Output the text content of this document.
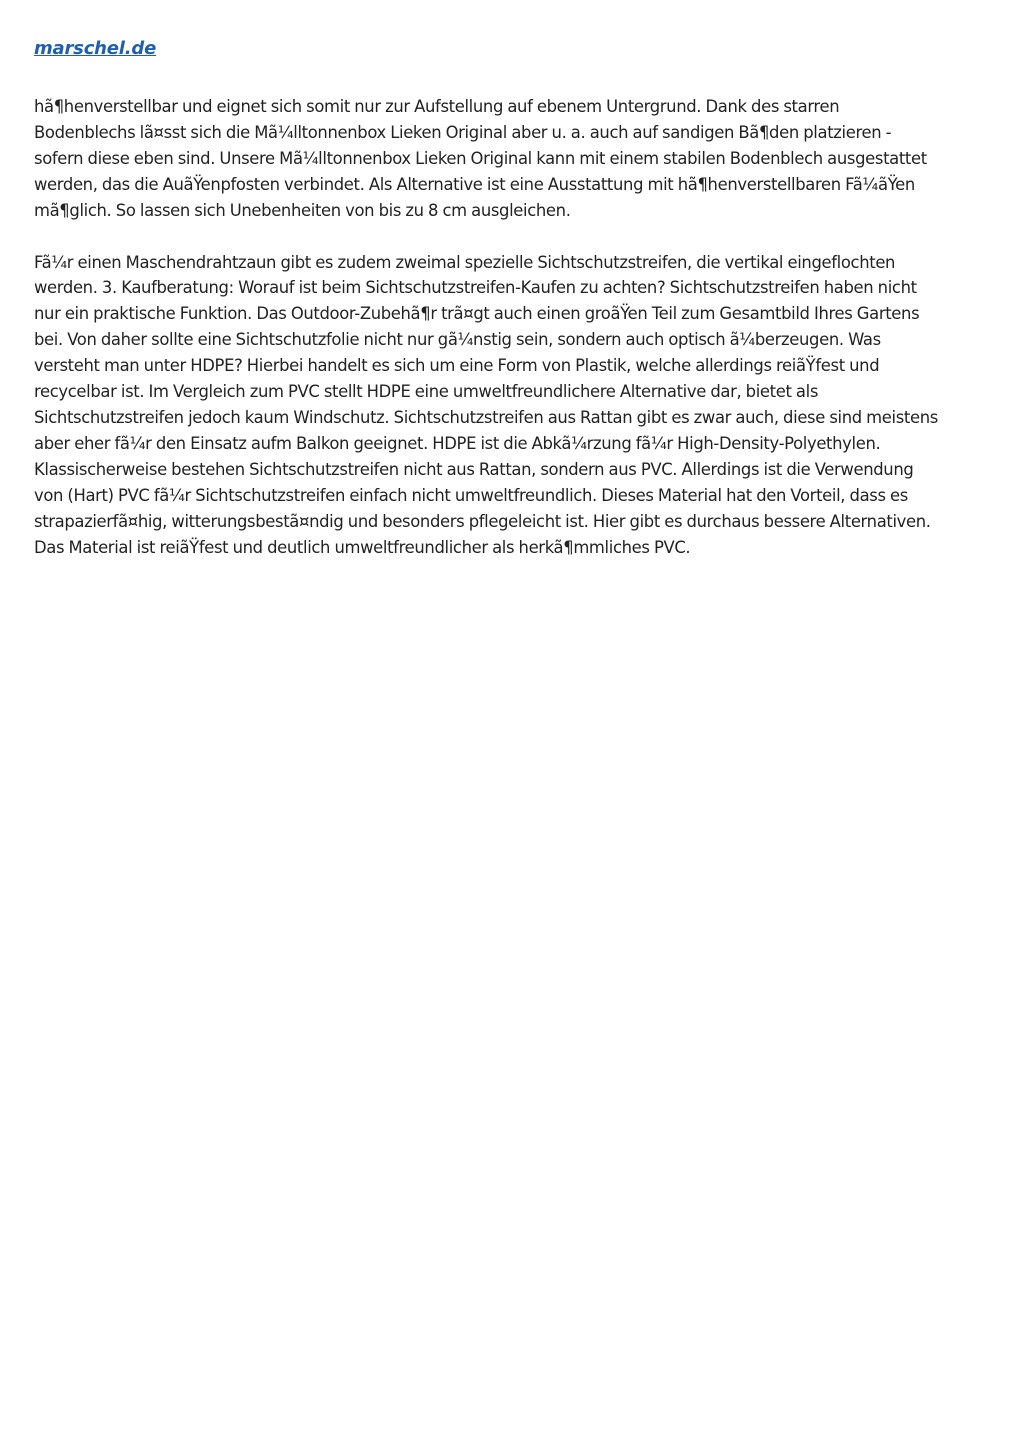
marschel.de

hã¶henverstellbar und eignet sich somit nur zur Aufstellung auf ebenem Untergrund. Dank des starren
Bodenblechs lã¤sst sich die Mã¼lltonnenbox Lieken Original aber u. a. auch auf sandigen Bã¶den platzieren -
sofern diese eben sind. Unsere Mã¼lltonnenbox Lieken Original kann mit einem stabilen Bodenblech ausgestattet
werden, das die AuãŸenpfosten verbindet. Als Alternative ist eine Ausstattung mit hã¶henverstellbaren Fã¼ãŸen
mã¶glich. So lassen sich Unebenheiten von bis zu 8 cm ausgleichen.

Fã¼r einen Maschendrahtzaun gibt es zudem zweimal spezielle Sichtschutzstreifen, die vertikal eingeflochten
werden. 3. Kaufberatung: Worauf ist beim Sichtschutzstreifen-Kaufen zu achten? Sichtschutzstreifen haben nicht
nur ein praktische Funktion. Das Outdoor-Zubehã¶r trã¤gt auch einen groãŸen Teil zum Gesamtbild Ihres Gartens
bei. Von daher sollte eine Sichtschutzfolie nicht nur gã¼nstig sein, sondern auch optisch ã¼berzeugen. Was
versteht man unter HDPE? Hierbei handelt es sich um eine Form von Plastik, welche allerdings reiãŸfest und
recycelbar ist. Im Vergleich zum PVC stellt HDPE eine umweltfreundlichere Alternative dar, bietet als
Sichtschutzstreifen jedoch kaum Windschutz. Sichtschutzstreifen aus Rattan gibt es zwar auch, diese sind meistens
aber eher fã¼r den Einsatz aufm Balkon geeignet. HDPE ist die Abkã¼rzung fã¼r High-Density-Polyethylen.
Klassischerweise bestehen Sichtschutzstreifen nicht aus Rattan, sondern aus PVC. Allerdings ist die Verwendung
von (Hart) PVC fã¼r Sichtschutzstreifen einfach nicht umweltfreundlich. Dieses Material hat den Vorteil, dass es
strapazierfã¤hig, witterungsbestã¤ndig und besonders pflegeleicht ist. Hier gibt es durchaus bessere Alternativen.
Das Material ist reiãŸfest und deutlich umweltfreundlicher als herkã¶mmliches PVC.
